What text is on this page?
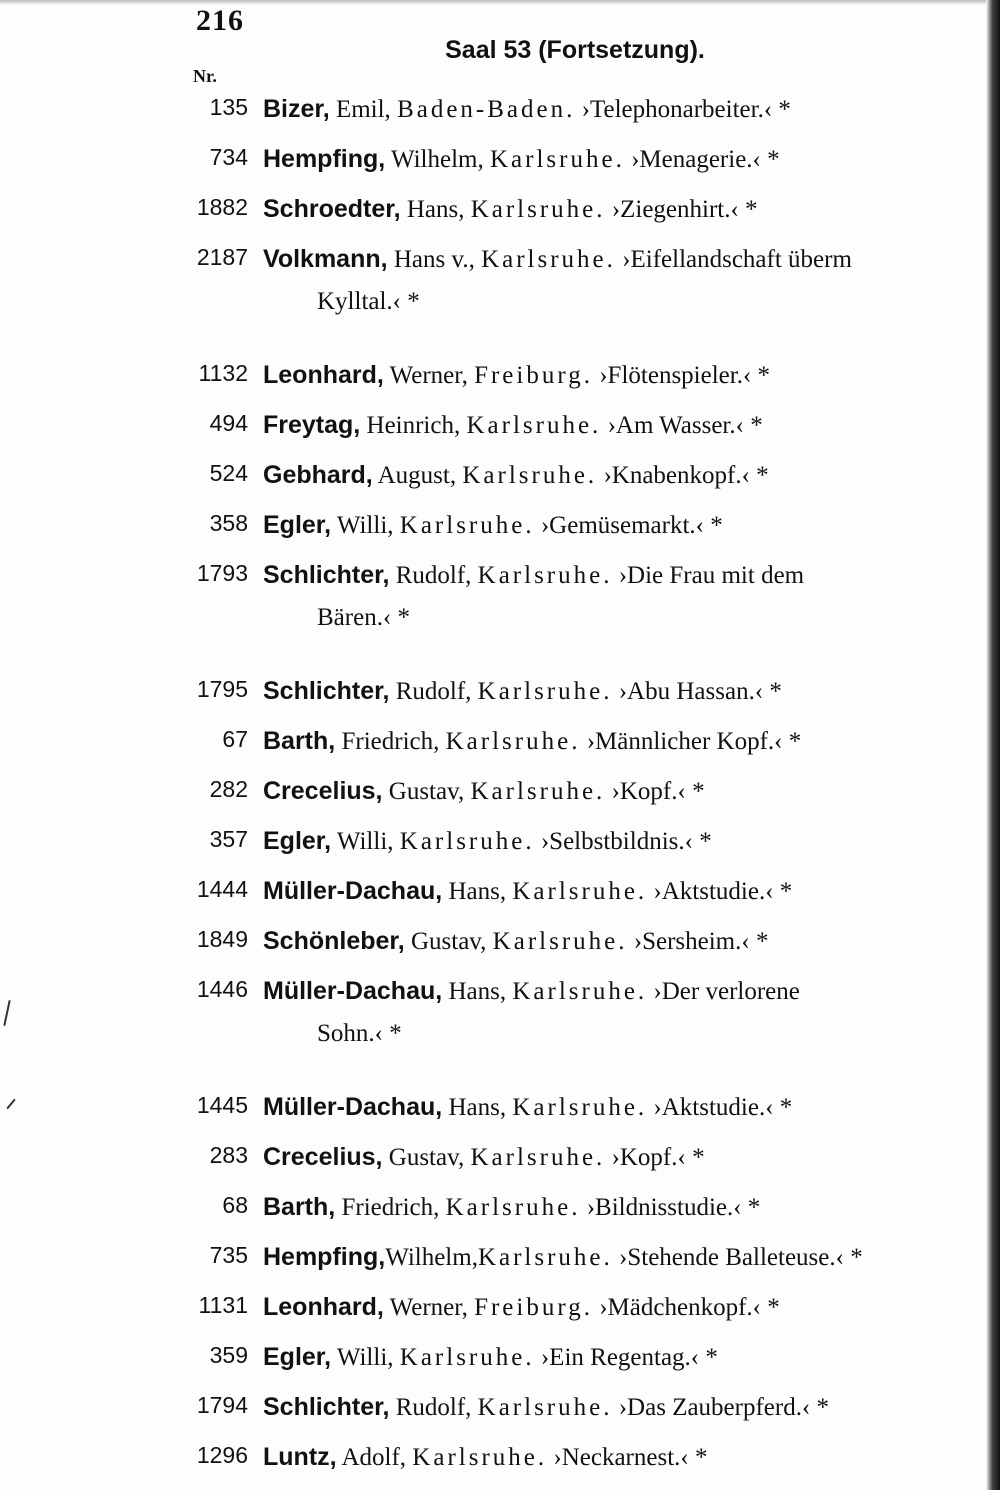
216
Saal 53 (Fortsetzung).
Nr.
135 Bizer, Emil, Baden-Baden. ›Telephonarbeiter.‹ *
734 Hempfing, Wilhelm, Karlsruhe. ›Menagerie.‹ *
1882 Schroedter, Hans, Karlsruhe. ›Ziegenhirt.‹ *
2187 Volkmann, Hans v., Karlsruhe. ›Eifellandschaft überm
Kylltal.‹ *
1132 Leonhard, Werner, Freiburg. ›Flötenspieler.‹ *
494 Freytag, Heinrich, Karlsruhe. ›Am Wasser.‹ *
524 Gebhard, August, Karlsruhe. ›Knabenkopf.‹ *
358 Egler, Willi, Karlsruhe. ›Gemüsemarkt.‹ *
1793 Schlichter, Rudolf, Karlsruhe. ›Die Frau mit dem
Bären.‹ *
1795 Schlichter, Rudolf, Karlsruhe. ›Abu Hassan.‹ *
67 Barth, Friedrich, Karlsruhe. ›Männlicher Kopf.‹ *
282 Crecelius, Gustav, Karlsruhe. ›Kopf.‹ *
357 Egler, Willi, Karlsruhe. ›Selbstbildnis.‹ *
1444 Müller-Dachau, Hans, Karlsruhe. ›Aktstudie.‹ *
1849 Schönleber, Gustav, Karlsruhe. ›Sersheim.‹ *
1446 Müller-Dachau, Hans, Karlsruhe. ›Der verlorene
Sohn.‹ *
1445 Müller-Dachau, Hans, Karlsruhe. ›Aktstudie.‹ *
283 Crecelius, Gustav, Karlsruhe. ›Kopf.‹ *
68 Barth, Friedrich, Karlsruhe. ›Bildnisstudie.‹ *
735 Hempfing,Wilhelm,Karlsruhe. ›Stehende Balleteuse.‹ *
1131 Leonhard, Werner, Freiburg. ›Mädchenkopf.‹ *
359 Egler, Willi, Karlsruhe. ›Ein Regentag.‹ *
1794 Schlichter, Rudolf, Karlsruhe. ›Das Zauberpferd.‹ *
1296 Luntz, Adolf, Karlsruhe. ›Neckarnest.‹ *
